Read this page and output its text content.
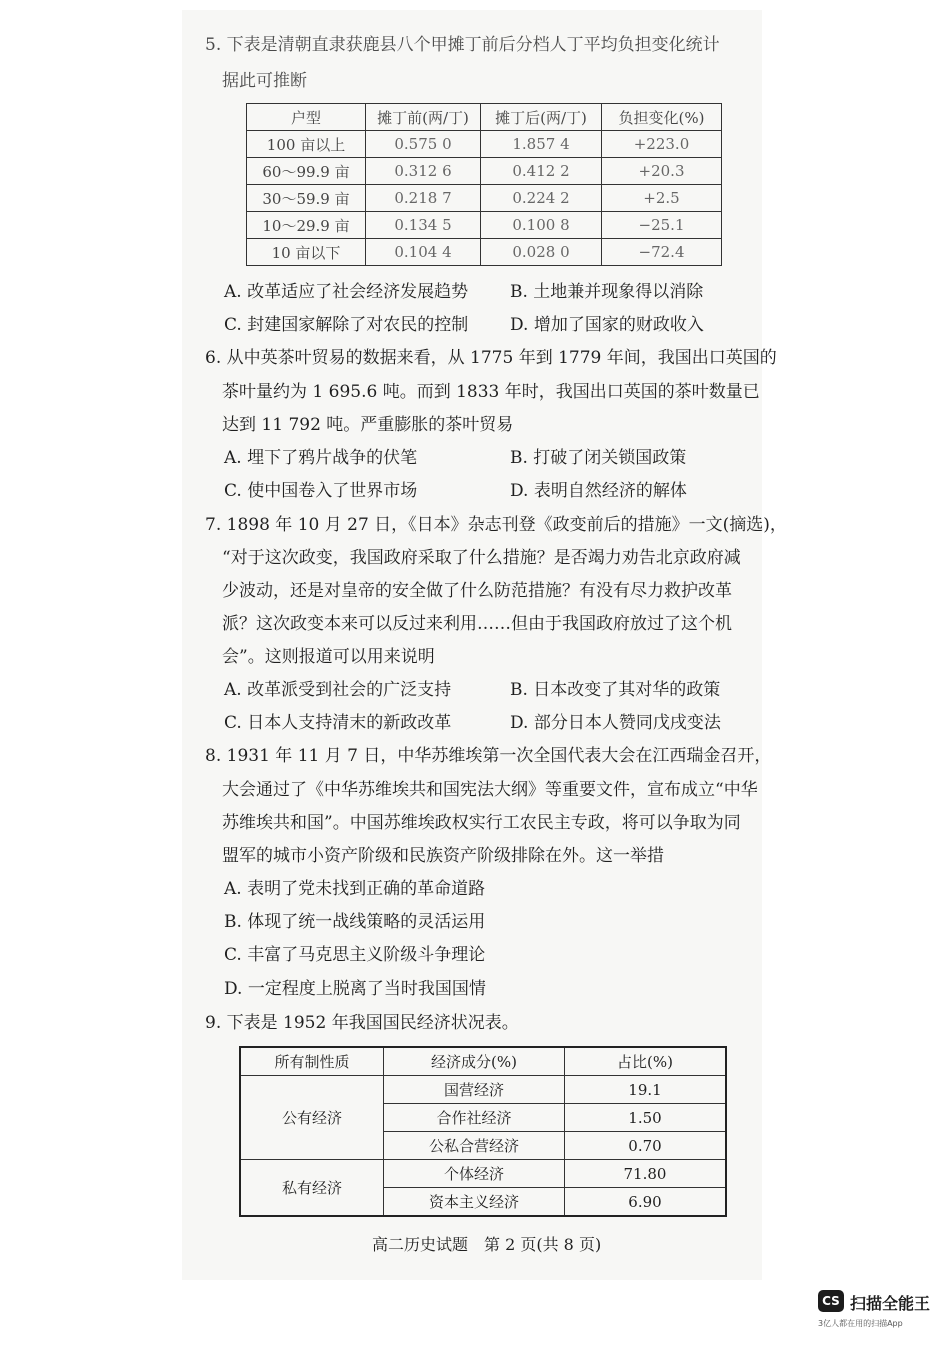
5. 下表是清朝直隶获鹿县八个甲摊丁前后分档人丁平均负担变化统计
据此可推断
户型	摊丁前(两/丁)	摊丁后(两/丁)	负担变化(%)
100 亩以上	0.575 0	1.857 4	+223.0
60～99.9 亩	0.312 6	0.412 2	+20.3
30～59.9 亩	0.218 7	0.224 2	+2.5
10～29.9 亩	0.134 5	0.100 8	−25.1
10 亩以下	0.104 4	0.028 0	−72.4
A. 改革适应了社会经济发展趋势 B. 土地兼并现象得以消除
C. 封建国家解除了对农民的控制 D. 增加了国家的财政收入
6. 从中英茶叶贸易的数据来看，从 1775 年到 1779 年间，我国出口英国的
茶叶量约为 1 695.6 吨。而到 1833 年时，我国出口英国的茶叶数量已
达到 11 792 吨。严重膨胀的茶叶贸易
A. 埋下了鸦片战争的伏笔	B. 打破了闭关锁国政策
C. 使中国卷入了世界市场	D. 表明自然经济的解体
7. 1898 年 10 月 27 日，《日本》杂志刊登《政变前后的措施》一文(摘选)，
“对于这次政变，我国政府采取了什么措施？是否竭力劝告北京政府减
少波动，还是对皇帝的安全做了什么防范措施？有没有尽力救护改革
派？这次政变本来可以反过来利用……但由于我国政府放过了这个机
会”。这则报道可以用来说明
A. 改革派受到社会的广泛支持	B. 日本改变了其对华的政策
C. 日本人支持清末的新政改革	D. 部分日本人赞同戊戌变法
8. 1931 年 11 月 7 日，中华苏维埃第一次全国代表大会在江西瑞金召开，
大会通过了《中华苏维埃共和国宪法大纲》等重要文件，宣布成立“中华
苏维埃共和国”。中国苏维埃政权实行工农民主专政，将可以争取为同
盟军的城市小资产阶级和民族资产阶级排除在外。这一举措
A. 表明了党未找到正确的革命道路
B. 体现了统一战线策略的灵活运用
C. 丰富了马克思主义阶级斗争理论
D. 一定程度上脱离了当时我国国情
9. 下表是 1952 年我国国民经济状况表。
所有制性质	经济成分(%)	占比(%)
公有经济	国营经济	19.1
	合作社经济	1.50
	公私合营经济	0.70
私有经济	个体经济	71.80
	资本主义经济	6.90
高二历史试题　第 2 页(共 8 页)
CS 扫描全能王
3亿人都在用的扫描App
